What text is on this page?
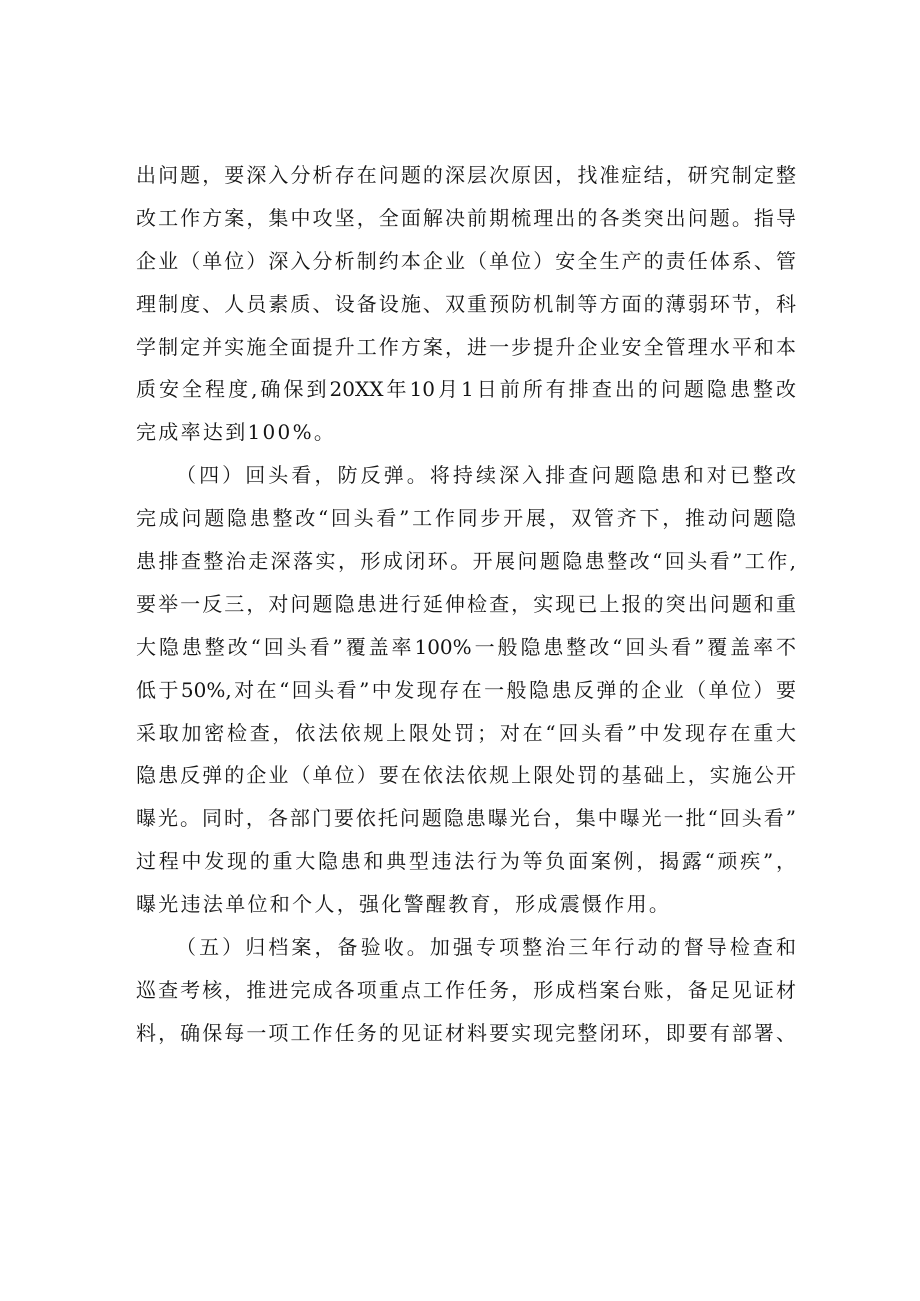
出问题，要深入分析存在问题的深层次原因，找准症结，研究制定整
改工作方案，集中攻坚，全面解决前期梳理出的各类突出问题。指导
企业（单位）深入分析制约本企业（单位）安全生产的责任体系、管
理制度、人员素质、设备设施、双重预防机制等方面的薄弱环节，科
学制定并实施全面提升工作方案，进一步提升企业安全管理水平和本
质安全程度,确保到20XX年10月1日前所有排查出的问题隐患整改
完成率达到100%。
（四）回头看，防反弹。将持续深入排查问题隐患和对已整改
完成问题隐患整改“回头看”工作同步开展，双管齐下，推动问题隐
患排查整治走深落实，形成闭环。开展问题隐患整改“回头看”工作,
要举一反三，对问题隐患进行延伸检查，实现已上报的突出问题和重
大隐患整改“回头看”覆盖率100%一般隐患整改“回头看”覆盖率不
低于50%,对在“回头看”中发现存在一般隐患反弹的企业（单位）要
采取加密检查，依法依规上限处罚；对在“回头看”中发现存在重大
隐患反弹的企业（单位）要在依法依规上限处罚的基础上，实施公开
曝光。同时，各部门要依托问题隐患曝光台，集中曝光一批“回头看”
过程中发现的重大隐患和典型违法行为等负面案例，揭露“顽疾”，
曝光违法单位和个人，强化警醒教育，形成震慑作用。
（五）归档案，备验收。加强专项整治三年行动的督导检查和
巡查考核，推进完成各项重点工作任务，形成档案台账，备足见证材
料，确保每一项工作任务的见证材料要实现完整闭环，即要有部署、
